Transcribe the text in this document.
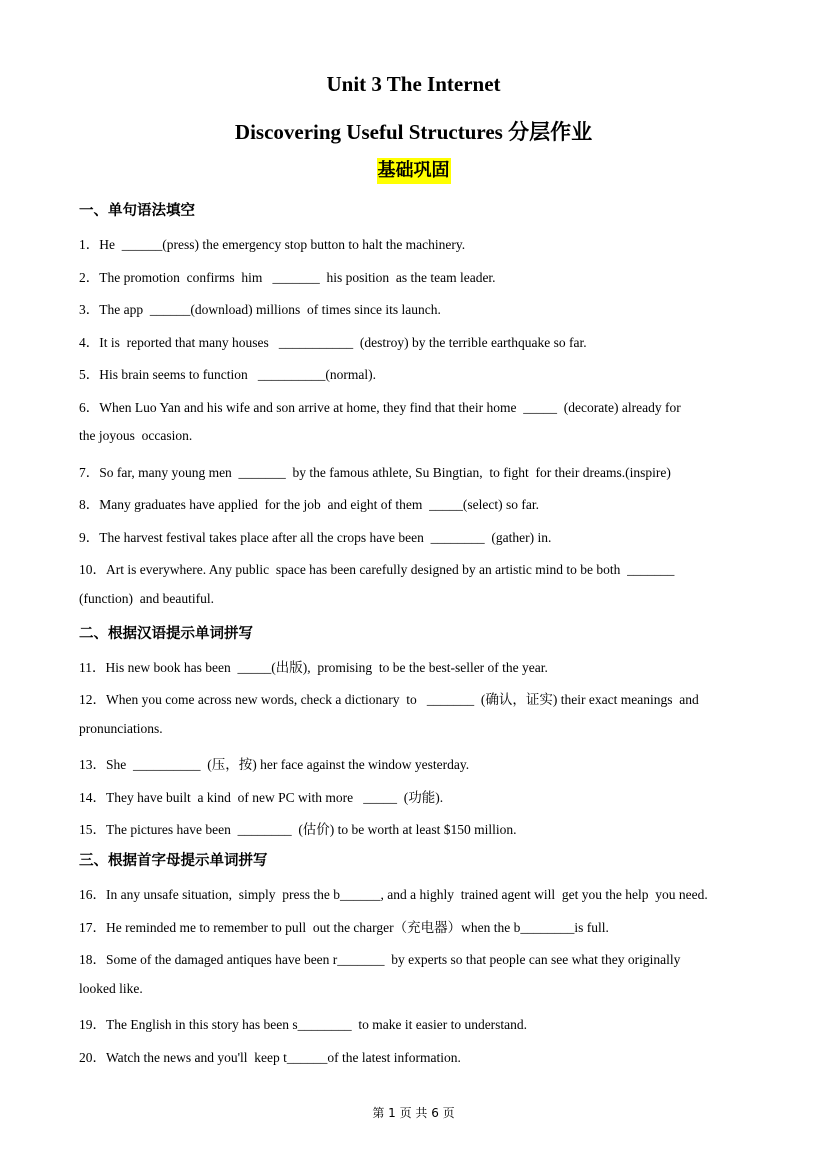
Unit 3 The Internet
Discovering Useful Structures 分层作业
基础巩固
一、单句语法填空
1．He  ______(press) the emergency stop button to halt the machinery.
2．The promotion  confirms  him   _______  his position  as the team leader.
3．The app  ______(download) millions  of times since its launch.
4．It is  reported that many houses   ___________  (destroy) by the terrible earthquake so far.
5．His brain seems to function   __________(normal).
6．When Luo Yan and his wife and son arrive at home, they find that their home  _____  (decorate) already for
the joyous  occasion.
7．So far, many young men  _______  by the famous athlete, Su Bingtian,  to fight  for their dreams.(inspire)
8．Many graduates have applied  for the job  and eight of them  _____(select) so far.
9．The harvest festival takes place after all the crops have been  ________  (gather) in.
10．Art is everywhere. Any public  space has been carefully designed by an artistic mind to be both  _______
(function)  and beautiful.
二、根据汉语提示单词拼写
11．His new book has been  _____(出版),  promising  to be the best-seller of the year.
12．When you come across new words, check a dictionary  to   _______  (确认，证实) their exact meanings  and
pronunciations.
13．She  __________  (压，按) her face against the window yesterday.
14．They have built  a kind  of new PC with more   _____  (功能).
15．The pictures have been  ________  (估价) to be worth at least $150 million.
三、根据首字母提示单词拼写
16．In any unsafe situation,  simply  press the b______, and a highly  trained agent will  get you the help  you need.
17．He reminded me to remember to pull  out the charger（充电器）when the b________is full.
18．Some of the damaged antiques have been r_______  by experts so that people can see what they originally
looked like.
19．The English in this story has been s________  to make it easier to understand.
20．Watch the news and you'll  keep t______of the latest information.
第 1 页 共 6 页
